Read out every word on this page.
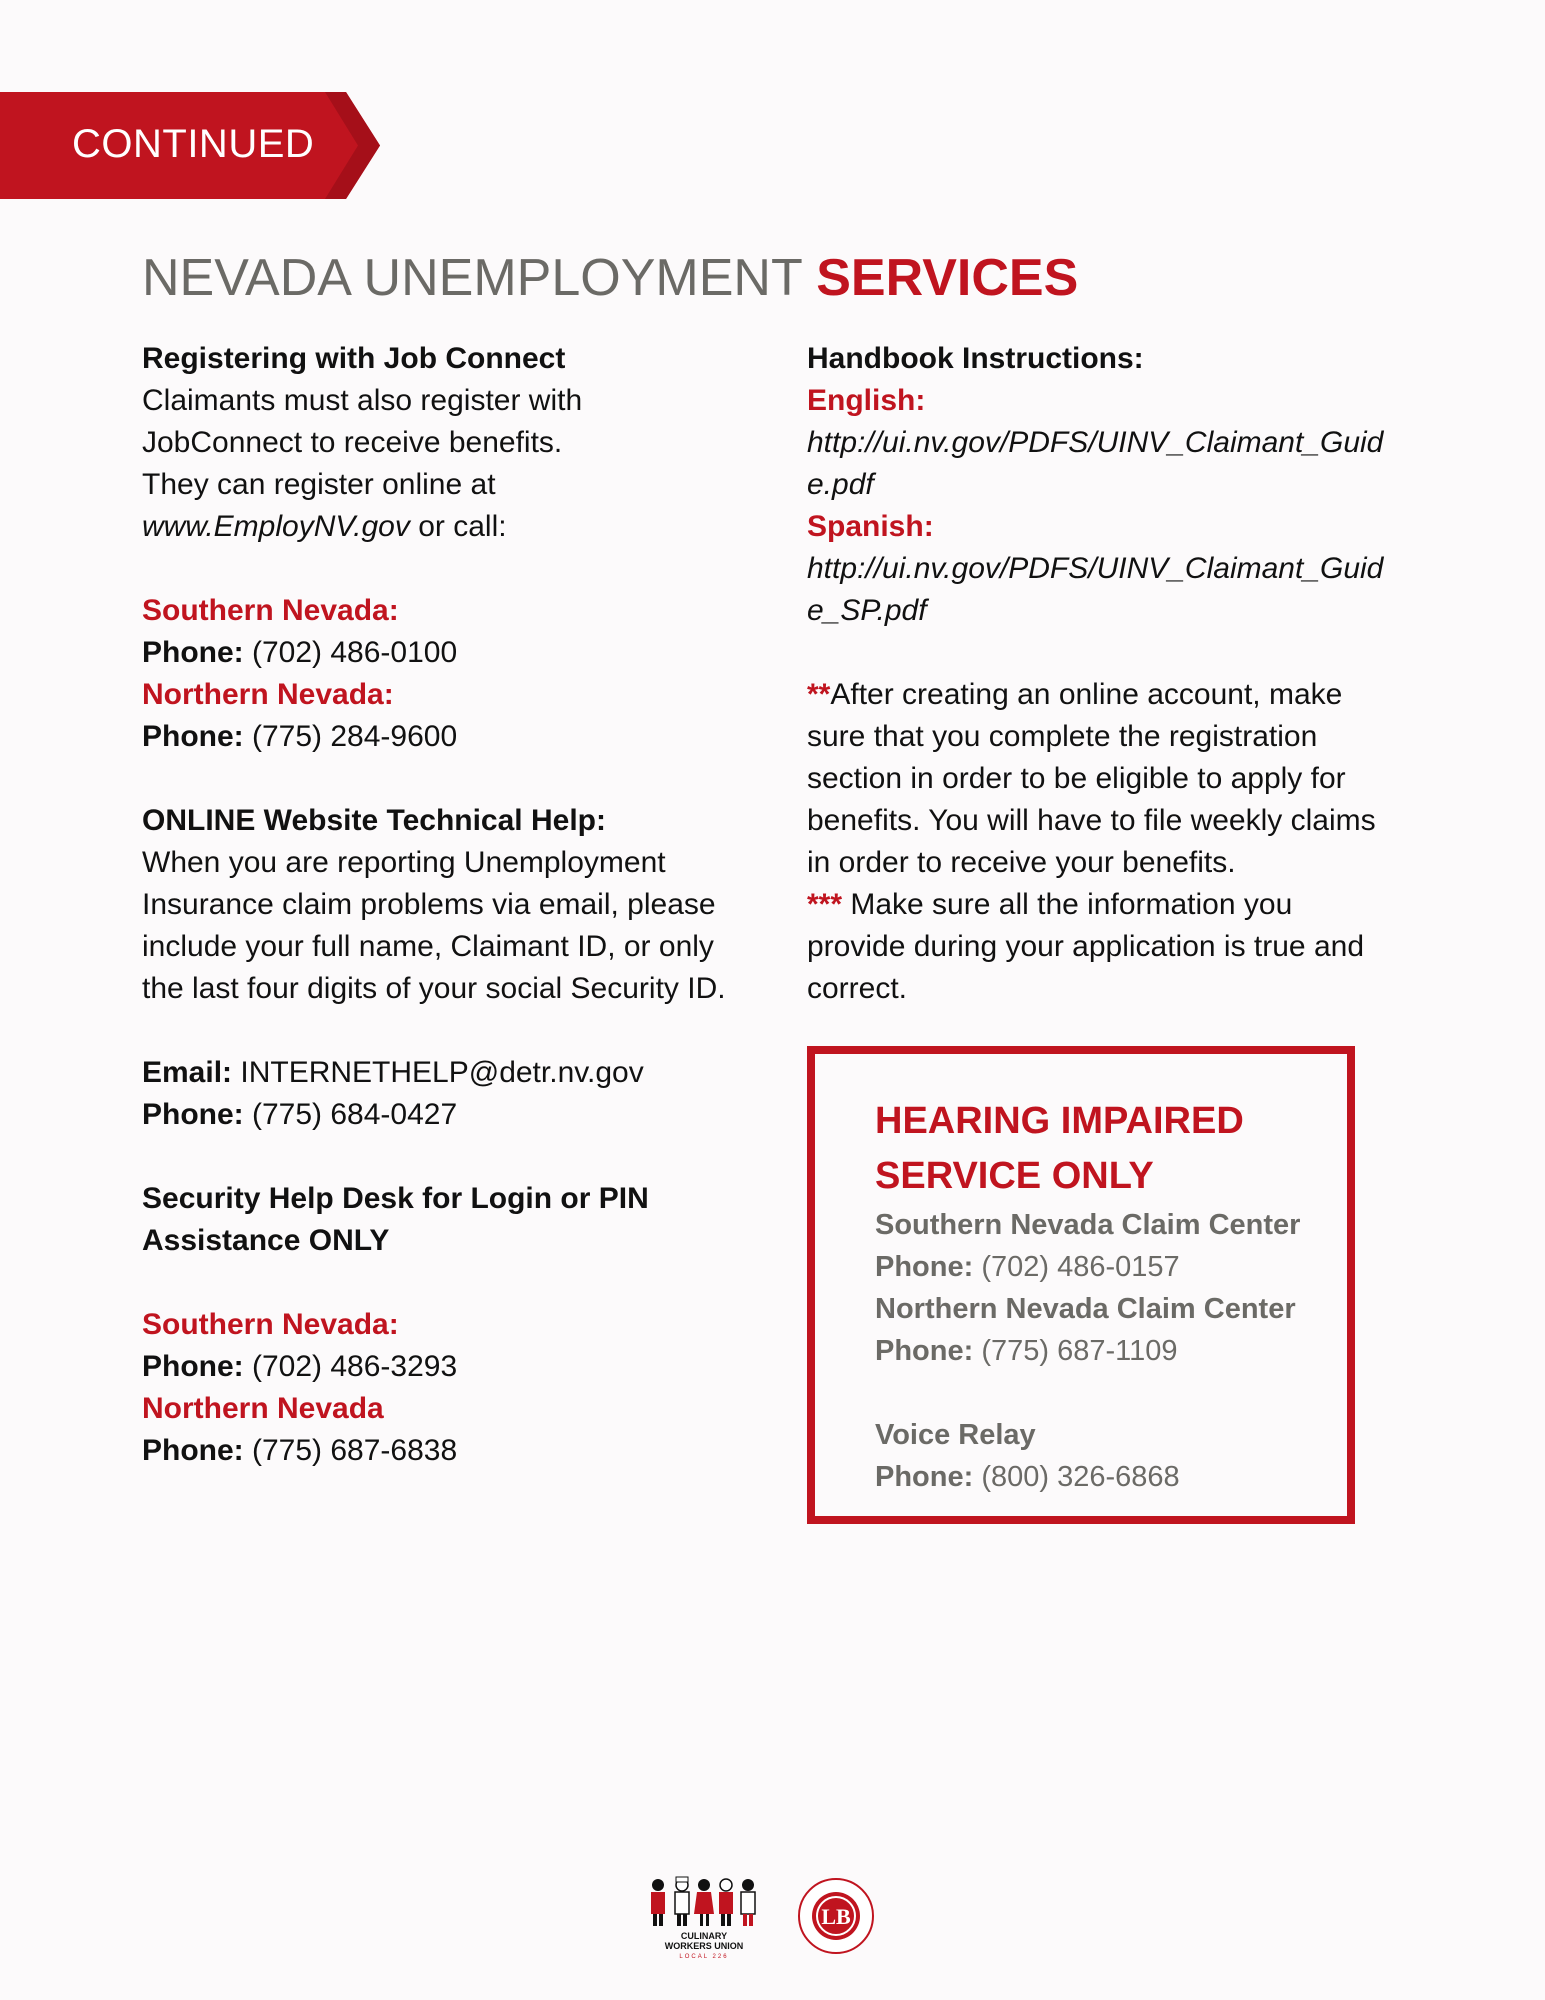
CONTINUED
NEVADA UNEMPLOYMENT SERVICES
Registering with Job Connect
Claimants must also register with
JobConnect to receive benefits.
They can register online at
www.EmployNV.gov or call:
Southern Nevada:
Phone: (702) 486-0100
Northern Nevada:
Phone: (775) 284-9600
ONLINE Website Technical Help:
When you are reporting Unemployment Insurance claim problems via email, please include your full name, Claimant ID, or only the last four digits of your social Security ID.
Email: INTERNETHELP@detr.nv.gov
Phone: (775) 684-0427
Security Help Desk for Login or PIN
Assistance ONLY
Southern Nevada:
Phone: (702) 486-3293
Northern Nevada
Phone: (775) 687-6838
Handbook Instructions:
English:
http://ui.nv.gov/PDFS/UINV_Claimant_Guid
e.pdf
Spanish:
http://ui.nv.gov/PDFS/UINV_Claimant_Guid
e_SP.pdf
**After creating an online account, make sure that you complete the registration section in order to be eligible to apply for benefits. You will have to file weekly claims in order to receive your benefits.
*** Make sure all the information you provide during your application is true and correct.
HEARING IMPAIRED
SERVICE ONLY
Southern Nevada Claim Center
Phone: (702) 486-0157
Northern Nevada Claim Center
Phone: (775) 687-1109

Voice Relay
Phone: (800) 326-6868
CULINARY
WORKERS UNION
LOCAL 226
LB
